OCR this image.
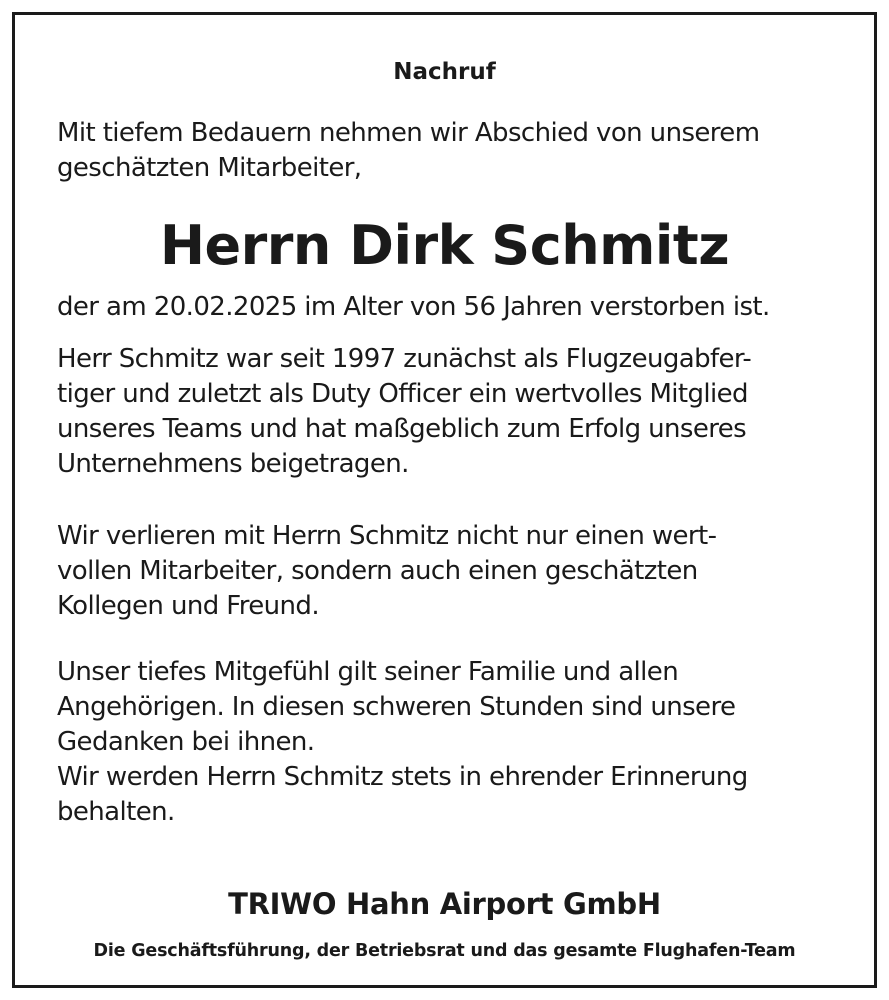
Nachruf

Mit tiefem Bedauern nehmen wir Abschied von unserem
geschätzten Mitarbeiter,

Herrn Dirk Schmitz

der am 20.02.2025 im Alter von 56 Jahren verstorben ist.

Herr Schmitz war seit 1997 zunächst als Flugzeugabfer-
tiger und zuletzt als Duty Officer ein wertvolles Mitglied
unseres Teams und hat maßgeblich zum Erfolg unseres
Unternehmens beigetragen.

Wir verlieren mit Herrn Schmitz nicht nur einen wert-
vollen Mitarbeiter, sondern auch einen geschätzten
Kollegen und Freund.

Unser tiefes Mitgefühl gilt seiner Familie und allen
Angehörigen. In diesen schweren Stunden sind unsere
Gedanken bei ihnen.
Wir werden Herrn Schmitz stets in ehrender Erinnerung
behalten.

TRIWO Hahn Airport GmbH

Die Geschäftsführung, der Betriebsrat und das gesamte Flughafen-Team
